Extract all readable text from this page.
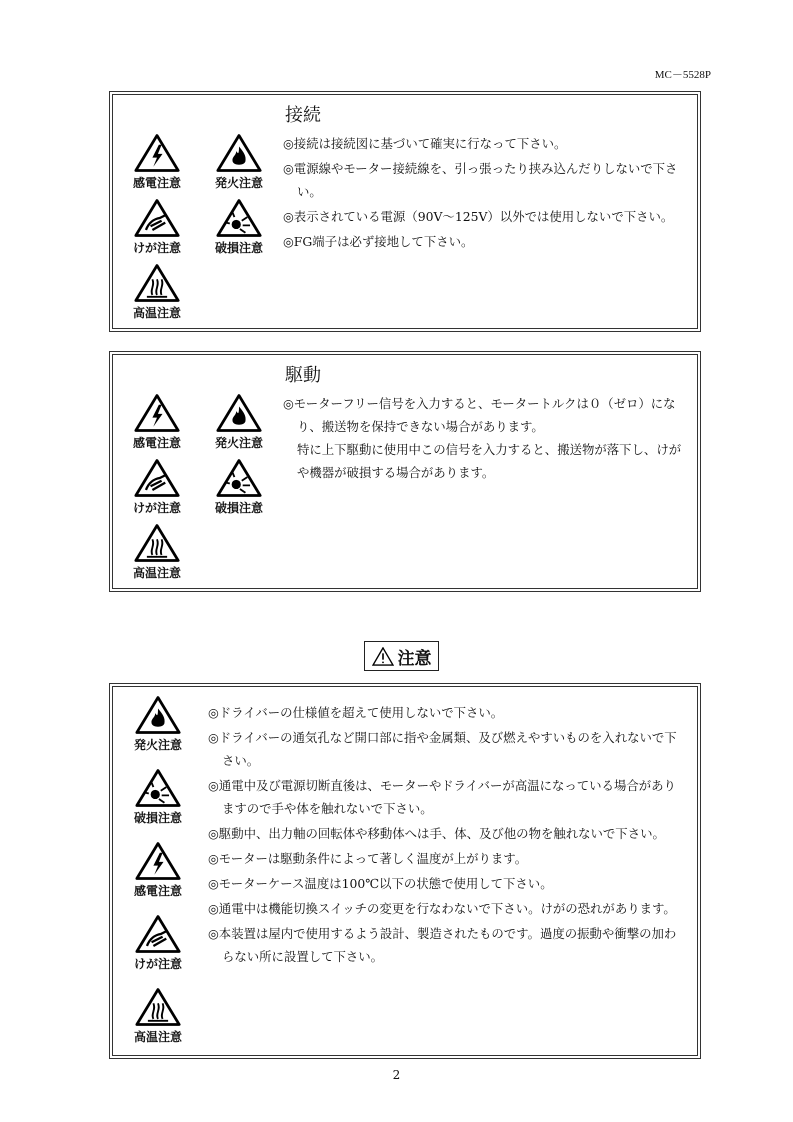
MC－5528P
感電注意	発火注意
けが注意	破損注意
高温注意
接続
◎接続は接続図に基づいて確実に行なって下さい。
◎電源線やモーター接続線を、引っ張ったり挟み込んだりしないで下さい。
◎表示されている電源（90V～125V）以外では使用しないで下さい。
◎FG端子は必ず接地して下さい。
感電注意	発火注意
けが注意	破損注意
高温注意
駆動
◎モーターフリー信号を入力すると、モータートルクは０（ゼロ）になり、搬送物を保持できない場合があります。
特に上下駆動に使用中この信号を入力すると、搬送物が落下し、けがや機器が破損する場合があります。
注意
発火注意
破損注意
感電注意
けが注意
高温注意
◎ドライバーの仕様値を超えて使用しないで下さい。
◎ドライバーの通気孔など開口部に指や金属類、及び燃えやすいものを入れないで下さい。
◎通電中及び電源切断直後は、モーターやドライバーが高温になっている場合がありますので手や体を触れないで下さい。
◎駆動中、出力軸の回転体や移動体へは手、体、及び他の物を触れないで下さい。
◎モーターは駆動条件によって著しく温度が上がります。
◎モーターケース温度は100℃以下の状態で使用して下さい。
◎通電中は機能切換スイッチの変更を行なわないで下さい。けがの恐れがあります。
◎本装置は屋内で使用するよう設計、製造されたものです。過度の振動や衝撃の加わらない所に設置して下さい。
2
